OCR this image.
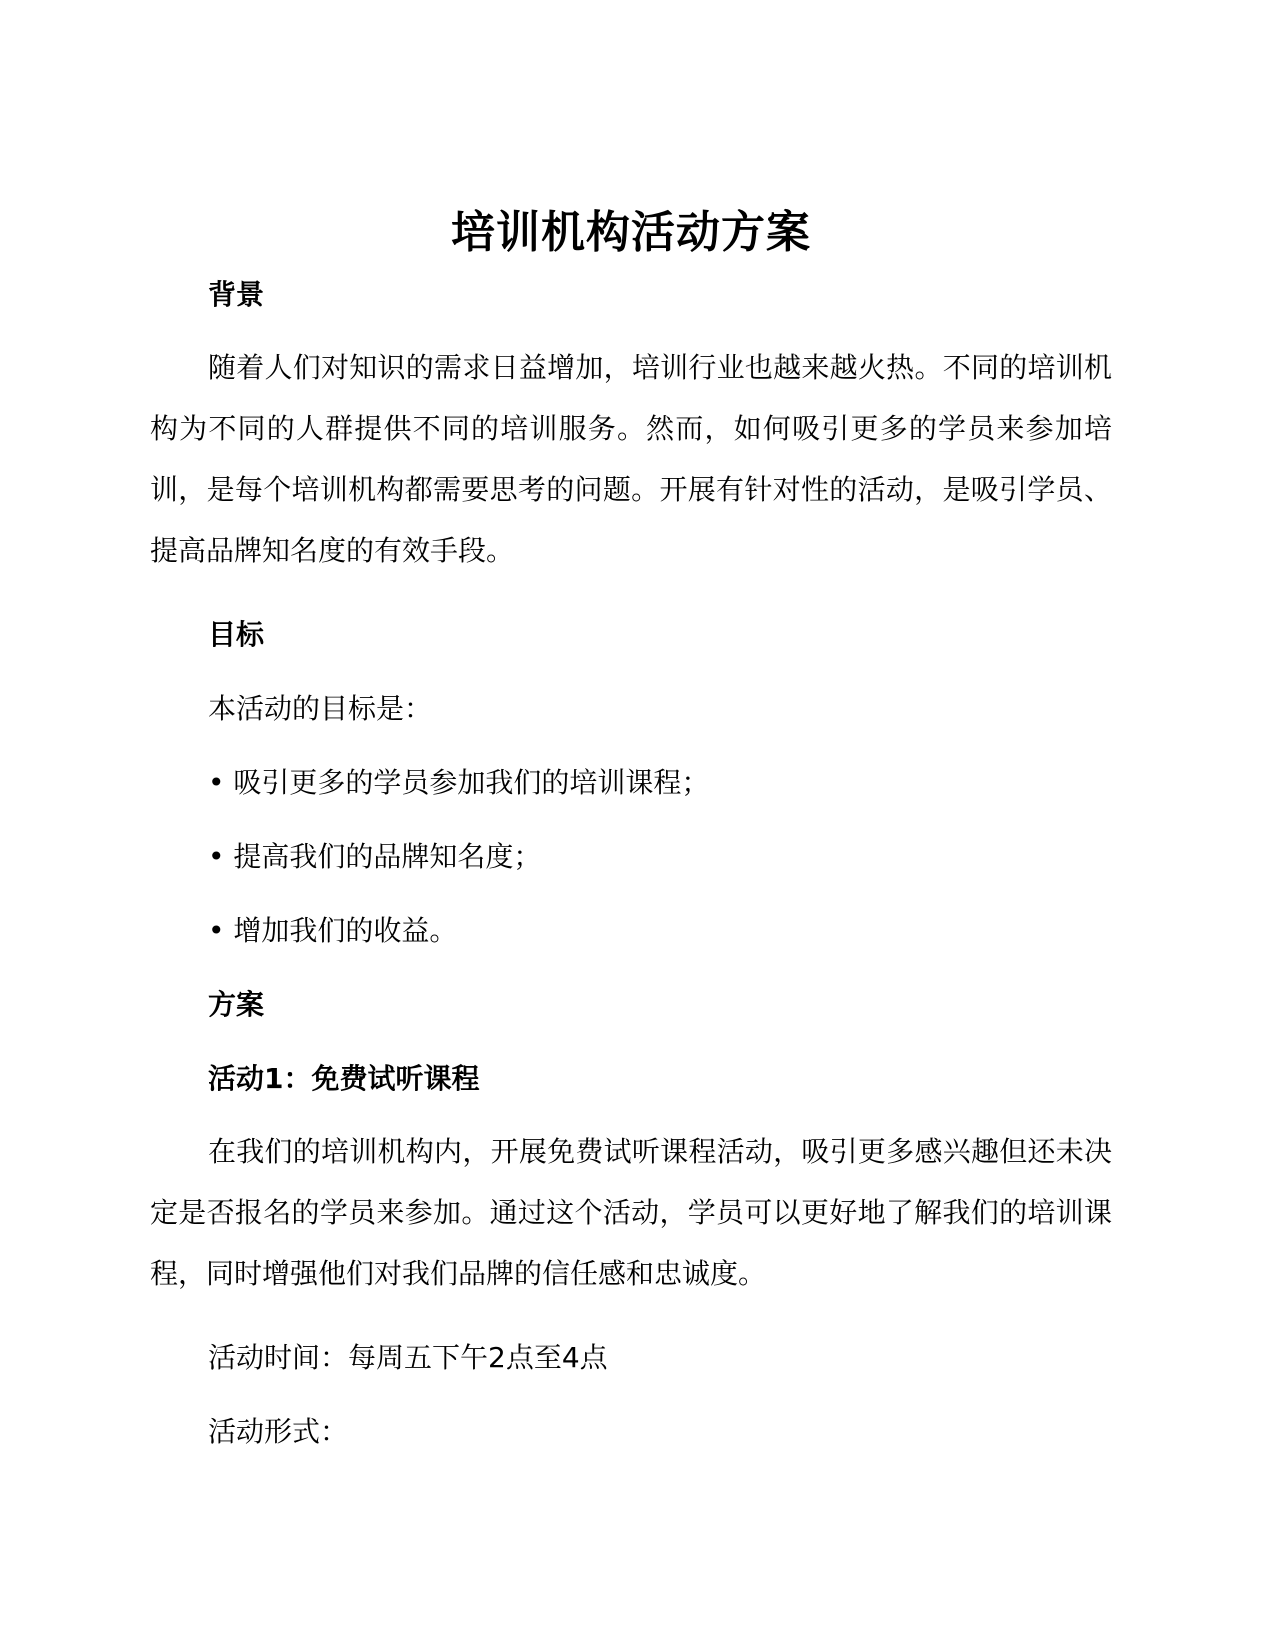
培训机构活动方案
背景

随着人们对知识的需求日益增加，培训行业也越来越火热。不同的培训机构为不同的人群提供不同的培训服务。然而，如何吸引更多的学员来参加培训，是每个培训机构都需要思考的问题。开展有针对性的活动，是吸引学员、提高品牌知名度的有效手段。

目标

本活动的目标是：

• 吸引更多的学员参加我们的培训课程；

• 提高我们的品牌知名度；

• 增加我们的收益。

方案
活动1：免费试听课程

在我们的培训机构内，开展免费试听课程活动，吸引更多感兴趣但还未决定是否报名的学员来参加。通过这个活动，学员可以更好地了解我们的培训课程，同时增强他们对我们品牌的信任感和忠诚度。

活动时间：每周五下午2点至4点

活动形式：
